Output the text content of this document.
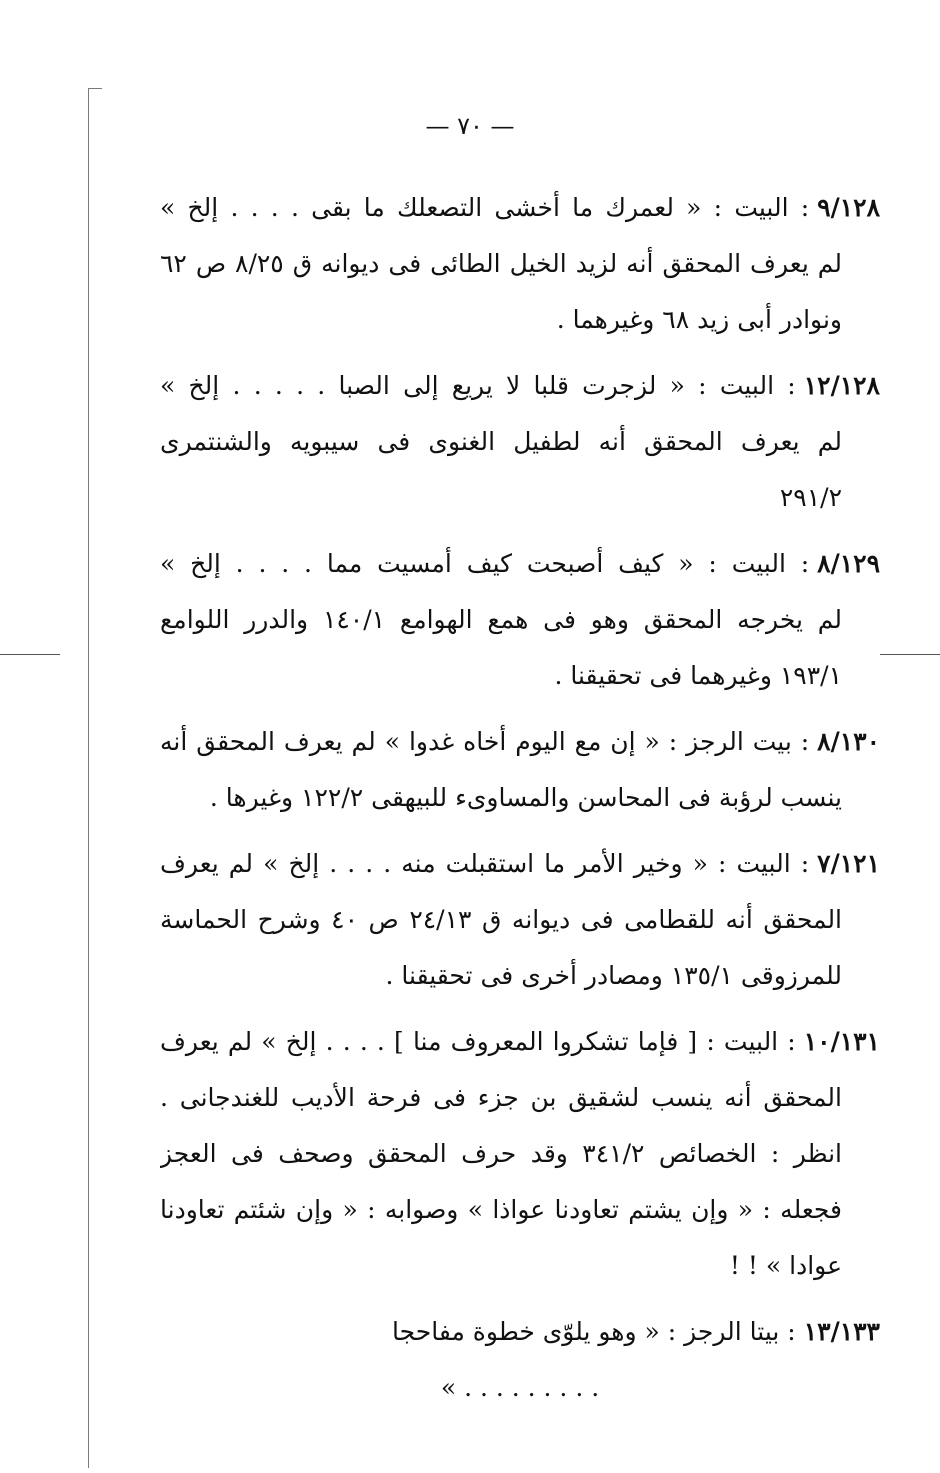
— ٧٠ —
٩/١٢٨: البيت : « لعمرك ما أخشى التصعلك ما بقى . . . . إلخ »
لم يعرف المحقق أنه لزيد الخيل الطائى فى ديوانه ق ٨/٢٥ ص ٦٢
ونوادر أبى زيد ٦٨ وغيرهما .
١٢/١٢٨: البيت : « لزجرت قلبا لا يريع إلى الصبا . . . . . إلخ »
لم يعرف المحقق أنه لطفيل الغنوى فى سيبويه والشنتمرى
٢٩١/٢
٨/١٢٩: البيت : « كيف أصبحت كيف أمسيت مما . . . . إلخ »
لم يخرجه المحقق وهو فى همع الهوامع ١٤٠/١ والدرر اللوامع
١٩٣/١ وغيرهما فى تحقيقنا .
٨/١٣٠: بيت الرجز : « إن مع اليوم أخاه غدوا » لم يعرف المحقق أنه
ينسب لرؤبة فى المحاسن والمساوىء للبيهقى ١٢٢/٢ وغيرها .
٧/١٢١: البيت : « وخير الأمر ما استقبلت منه . . . . إلخ » لم يعرف
المحقق أنه للقطامى فى ديوانه ق ٢٤/١٣ ص ٤٠ وشرح الحماسة
للمرزوقى ١٣٥/١ ومصادر أخرى فى تحقيقنا .
١٠/١٣١: البيت : [ فإما تشكروا المعروف منا ] . . . . إلخ » لم يعرف
المحقق أنه ينسب لشقيق بن جزء فى فرحة الأديب للغندجانى .
انظر : الخصائص ٣٤١/٢ وقد حرف المحقق وصحف فى العجز
فجعله : « وإن يشتم تعاودنا عواذا » وصوابه : « وإن شئتم تعاودنا
عوادا » ! !
١٣/١٣٣: بيتا الرجز : « وهو يلوّى خطوة مفاحجا
. . . . . . . . . »
